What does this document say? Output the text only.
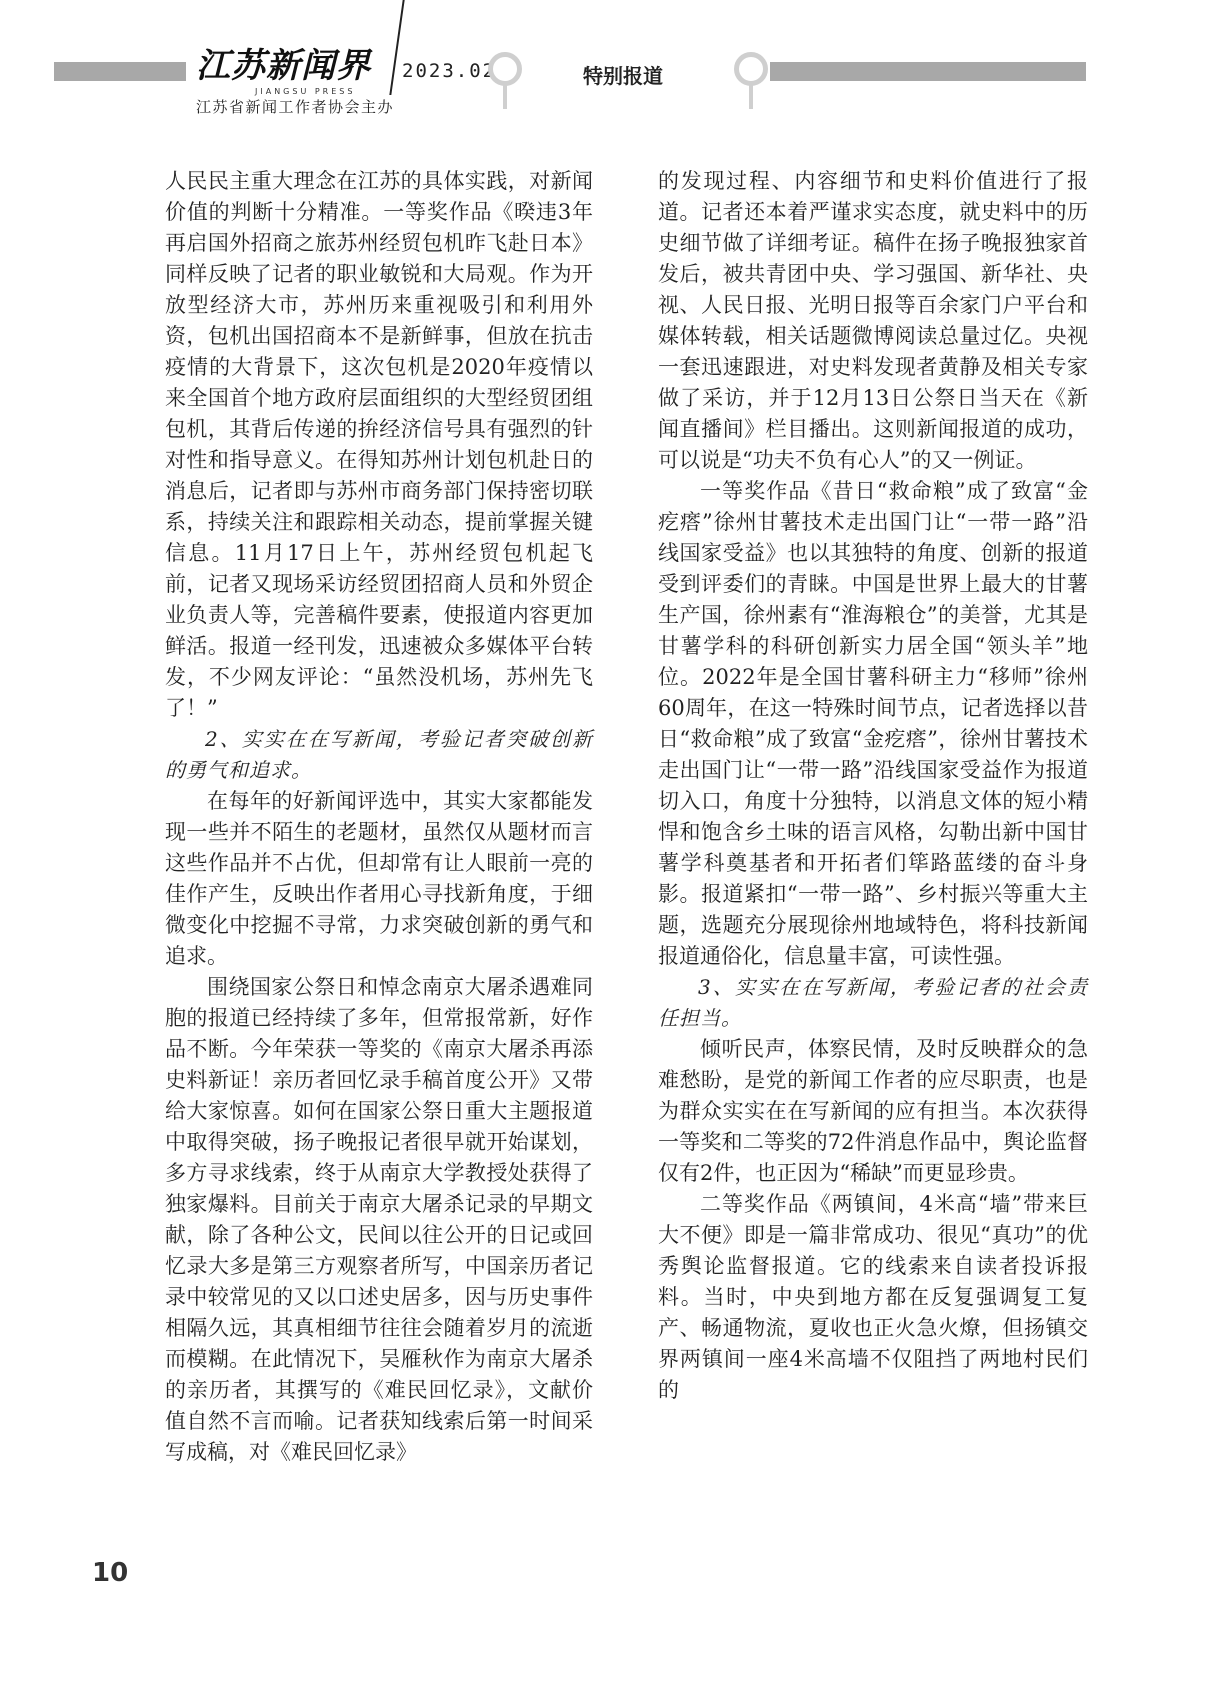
江苏新闻界
JIANGSU PRESS
2023.02	特别报道
江苏省新闻工作者协会主办

人民民主重大理念在江苏的具体实践，对新闻价值的判断十分精准。一等奖作品《暌违3年再启国外招商之旅苏州经贸包机昨飞赴日本》同样反映了记者的职业敏锐和大局观。作为开放型经济大市，苏州历来重视吸引和利用外资，包机出国招商本不是新鲜事，但放在抗击疫情的大背景下，这次包机是2020年疫情以来全国首个地方政府层面组织的大型经贸团组包机，其背后传递的拚经济信号具有强烈的针对性和指导意义。在得知苏州计划包机赴日的消息后，记者即与苏州市商务部门保持密切联系，持续关注和跟踪相关动态，提前掌握关键信息。11月17日上午，苏州经贸包机起飞前，记者又现场采访经贸团招商人员和外贸企业负责人等，完善稿件要素，使报道内容更加鲜活。报道一经刊发，迅速被众多媒体平台转发，不少网友评论：“虽然没机场，苏州先飞了！”

2、实实在在写新闻，考验记者突破创新的勇气和追求。

在每年的好新闻评选中，其实大家都能发现一些并不陌生的老题材，虽然仅从题材而言这些作品并不占优，但却常有让人眼前一亮的佳作产生，反映出作者用心寻找新角度，于细微变化中挖掘不寻常，力求突破创新的勇气和追求。

围绕国家公祭日和悼念南京大屠杀遇难同胞的报道已经持续了多年，但常报常新，好作品不断。今年荣获一等奖的《南京大屠杀再添史料新证！亲历者回忆录手稿首度公开》又带给大家惊喜。如何在国家公祭日重大主题报道中取得突破，扬子晚报记者很早就开始谋划，多方寻求线索，终于从南京大学教授处获得了独家爆料。目前关于南京大屠杀记录的早期文献，除了各种公文，民间以往公开的日记或回忆录大多是第三方观察者所写，中国亲历者记录中较常见的又以口述史居多，因与历史事件相隔久远，其真相细节往往会随着岁月的流逝而模糊。在此情况下，吴雁秋作为南京大屠杀的亲历者，其撰写的《难民回忆录》，文献价值自然不言而喻。记者获知线索后第一时间采写成稿，对《难民回忆录》

的发现过程、内容细节和史料价值进行了报道。记者还本着严谨求实态度，就史料中的历史细节做了详细考证。稿件在扬子晚报独家首发后，被共青团中央、学习强国、新华社、央视、人民日报、光明日报等百余家门户平台和媒体转载，相关话题微博阅读总量过亿。央视一套迅速跟进，对史料发现者黄静及相关专家做了采访，并于12月13日公祭日当天在《新闻直播间》栏目播出。这则新闻报道的成功，可以说是“功夫不负有心人”的又一例证。

一等奖作品《昔日“救命粮”成了致富“金疙瘩”徐州甘薯技术走出国门让“一带一路”沿线国家受益》也以其独特的角度、创新的报道受到评委们的青睐。中国是世界上最大的甘薯生产国，徐州素有“淮海粮仓”的美誉，尤其是甘薯学科的科研创新实力居全国“领头羊”地位。2022年是全国甘薯科研主力“移师”徐州60周年，在这一特殊时间节点，记者选择以昔日“救命粮”成了致富“金疙瘩”，徐州甘薯技术走出国门让“一带一路”沿线国家受益作为报道切入口，角度十分独特，以消息文体的短小精悍和饱含乡土味的语言风格，勾勒出新中国甘薯学科奠基者和开拓者们筚路蓝缕的奋斗身影。报道紧扣“一带一路”、乡村振兴等重大主题，选题充分展现徐州地域特色，将科技新闻报道通俗化，信息量丰富，可读性强。

3、实实在在写新闻，考验记者的社会责任担当。

倾听民声，体察民情，及时反映群众的急难愁盼，是党的新闻工作者的应尽职责，也是为群众实实在在写新闻的应有担当。本次获得一等奖和二等奖的72件消息作品中，舆论监督仅有2件，也正因为“稀缺”而更显珍贵。

二等奖作品《两镇间，4米高“墙”带来巨大不便》即是一篇非常成功、很见“真功”的优秀舆论监督报道。它的线索来自读者投诉报料。当时，中央到地方都在反复强调复工复产、畅通物流，夏收也正火急火燎，但扬镇交界两镇间一座4米高墙不仅阻挡了两地村民们的

10
